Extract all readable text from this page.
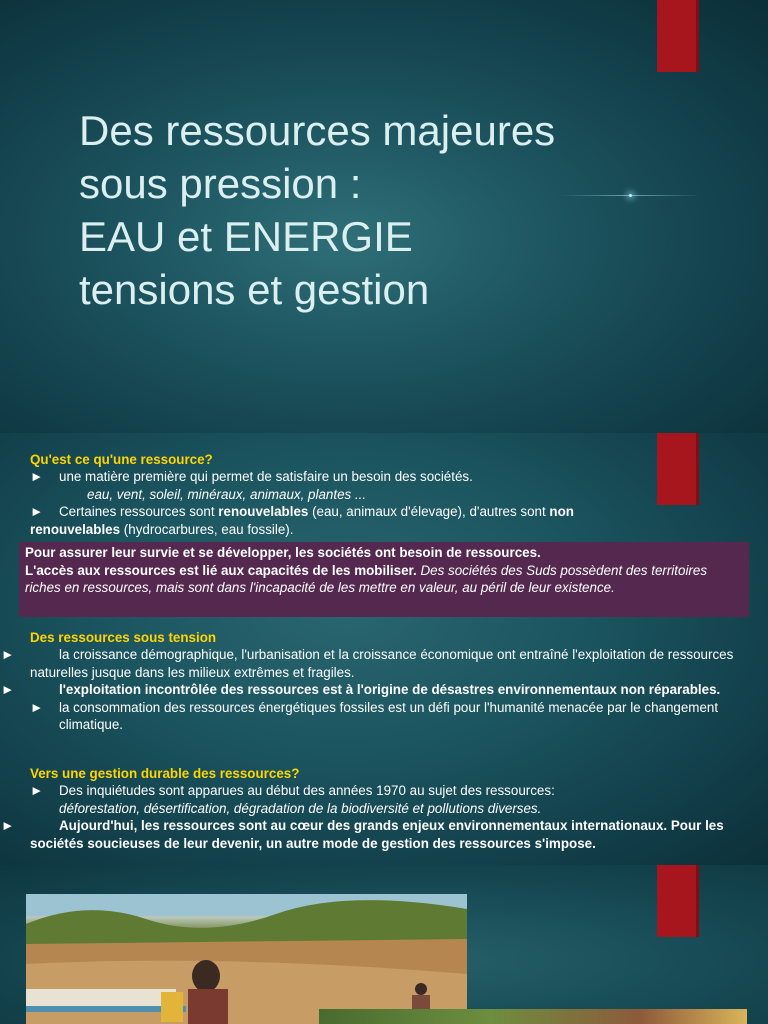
Des ressources majeures
sous pression :
EAU et ENERGIE
tensions et gestion
Qu'est ce qu'une ressource?
► une matière première qui permet de satisfaire un besoin des sociétés.
eau, vent, soleil, minéraux, animaux, plantes ...
► Certaines ressources sont renouvelables (eau, animaux d'élevage), d'autres sont non
renouvelables (hydrocarbures, eau fossile).
Pour assurer leur survie et se développer, les sociétés ont besoin de ressources.
L'accès aux ressources est lié aux capacités de les mobiliser. Des sociétés des Suds possèdent des territoires riches en ressources, mais sont dans l'incapacité de les mettre en valeur, au péril de leur existence.
Des ressources sous tension
►	la croissance démographique, l'urbanisation et la croissance économique ont entraîné l'exploitation de ressources naturelles jusque dans les milieux extrêmes et fragiles.
►	l'exploitation incontrôlée des ressources est à l'origine de désastres environnementaux non réparables.
► la consommation des ressources énergétiques fossiles est un défi pour l'humanité menacée par le changement climatique.
Vers une gestion durable des ressources?
► Des inquiétudes sont apparues au début des années 1970 au sujet des ressources:
déforestation, désertification, dégradation de la biodiversité et pollutions diverses.
►	Aujourd'hui, les ressources sont au cœur des grands enjeux environnementaux internationaux. Pour les sociétés soucieuses de leur devenir, un autre mode de gestion des ressources s'impose.
